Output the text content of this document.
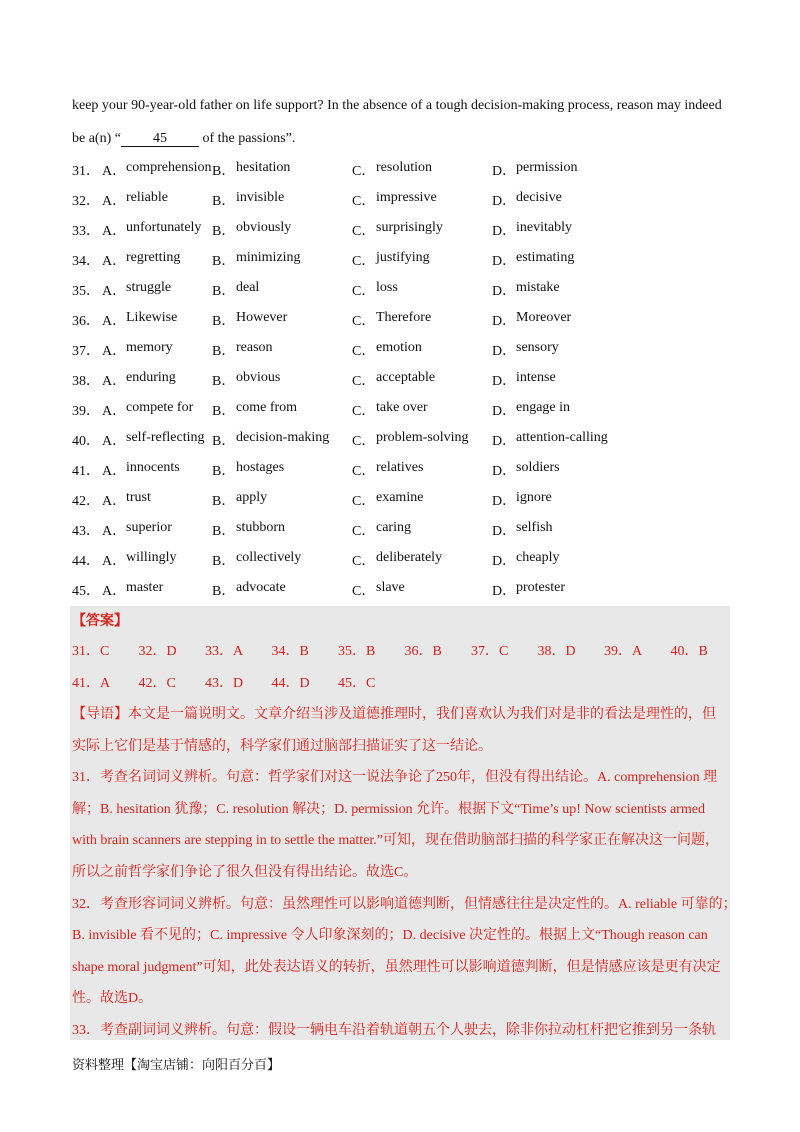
keep your 90-year-old father on life support? In the absence of a tough decision-making process, reason may indeed
be a(n) “ 45 of the passions”.
31． A． comprehension B． hesitation	C． resolution	D． permission
32． A． reliable	B． invisible	C． impressive	D． decisive
33． A． unfortunately B． obviously	C． surprisingly	D． inevitably
34． A． regretting B． minimizing	C． justifying	D． estimating
35． A． struggle	B． deal	C． loss	D． mistake
36． A． Likewise B． However	C． Therefore	D． Moreover
37． A． memory	B． reason	C． emotion	D． sensory
38． A． enduring	B． obvious	C． acceptable	D． intense
39． A． compete for B． come from	C． take over	D． engage in
40． A． self-reflecting B． decision-making C． problem-solving D． attention-calling
41． A． innocents B． hostages	C． relatives	D． soldiers
42． A． trust	B． apply	C． examine	D． ignore
43． A． superior	B． stubborn	C． caring	D． selfish
44． A． willingly	B． collectively	C． deliberately	D． cheaply
45． A． master	B． advocate	C． slave	D． protester
【答案】
31．C 32．D 33．A 34．B 35．B 36．B 37．C 38．D 39．A 40．B
41．A 42．C 43．D 44．D 45．C
【导语】本文是一篇说明文。文章介绍当涉及道德推理时，我们喜欢认为我们对是非的看法是理性的，但
实际上它们是基于情感的，科学家们通过脑部扫描证实了这一结论。
31．考查名词词义辨析。句意：哲学家们对这一说法争论了250年，但没有得出结论。A. comprehension 理
解；B. hesitation 犹豫；C. resolution 解决；D. permission 允许。根据下文“Time’s up! Now scientists armed
with brain scanners are stepping in to settle the matter.”可知，现在借助脑部扫描的科学家正在解决这一问题，
所以之前哲学家们争论了很久但没有得出结论。故选C。
32．考查形容词词义辨析。句意：虽然理性可以影响道德判断，但情感往往是决定性的。A. reliable 可靠的；
B. invisible 看不见的；C. impressive 令人印象深刻的；D. decisive 决定性的。根据上文“Though reason can
shape moral judgment”可知，此处表达语义的转折，虽然理性可以影响道德判断，但是情感应该是更有决定
性。故选D。
33．考查副词词义辨析。句意：假设一辆电车沿着轨道朝五个人驶去，除非你拉动杠杆把它推到另一条轨
资料整理【淘宝店铺：向阳百分百】
